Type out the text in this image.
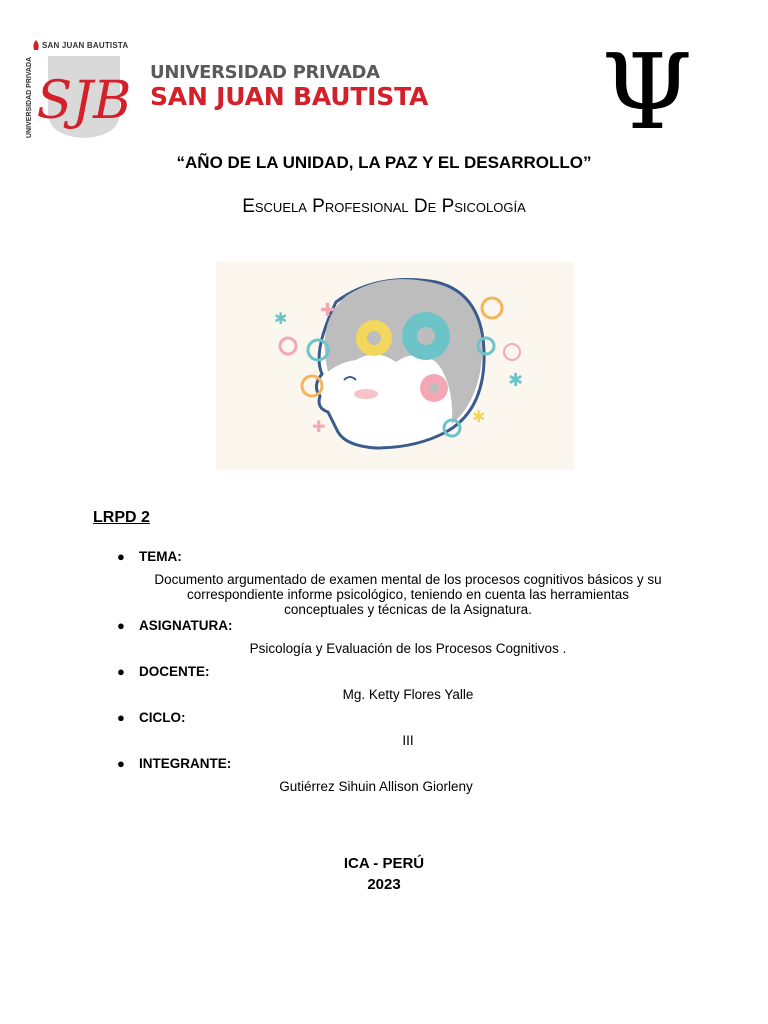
SAN JUAN BAUTISTA
UNIVERSIDAD PRIVADA SJB UNIVERSIDAD PRIVADA
SAN JUAN BAUTISTA Ψ
“AÑO DE LA UNIDAD, LA PAZ Y EL DESARROLLO”
Escuela Profesional De Psicología
✚
✱
✚
✱
✱
LRPD 2
● TEMA:
Documento argumentado de examen mental de los procesos cognitivos básicos y su
correspondiente informe psicológico, teniendo en cuenta las herramientas
conceptuales y técnicas de la Asignatura.
● ASIGNATURA:
Psicología y Evaluación de los Procesos Cognitivos .
● DOCENTE:
Mg. Ketty Flores Yalle
● CICLO:
III
● INTEGRANTE:
Gutiérrez Sihuin Allison Giorleny
ICA - PERÚ
2023
